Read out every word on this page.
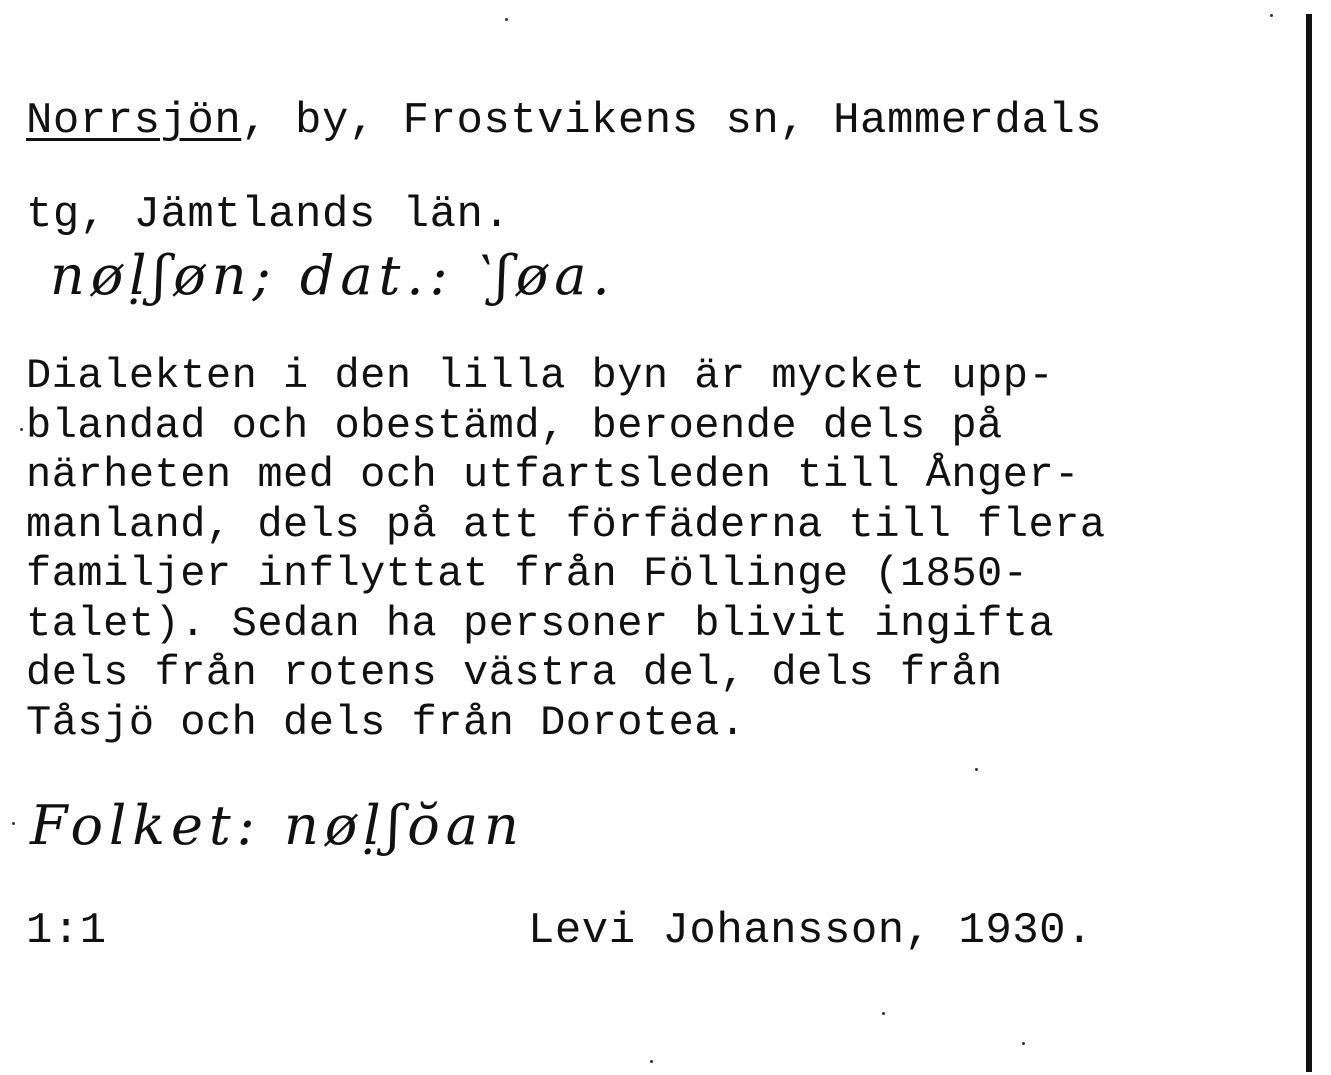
Norrsjön, by, Frostvikens sn, Hammerdals
tg, Jämtlands län.
nøḷʃøn; dat.: ‵ʃøa.
Dialekten i den lilla byn är mycket upp-
blandad och obestämd, beroende dels på
närheten med och utfartsleden till Ånger-
manland, dels på att förfäderna till flera
familjer inflyttat från Föllinge (1850-
talet). Sedan ha personer blivit ingifta
dels från rotens västra del, dels från
Tåsjö och dels från Dorotea.
Folket: nøḷʃŏan
1:1	Levi Johansson, 1930.
